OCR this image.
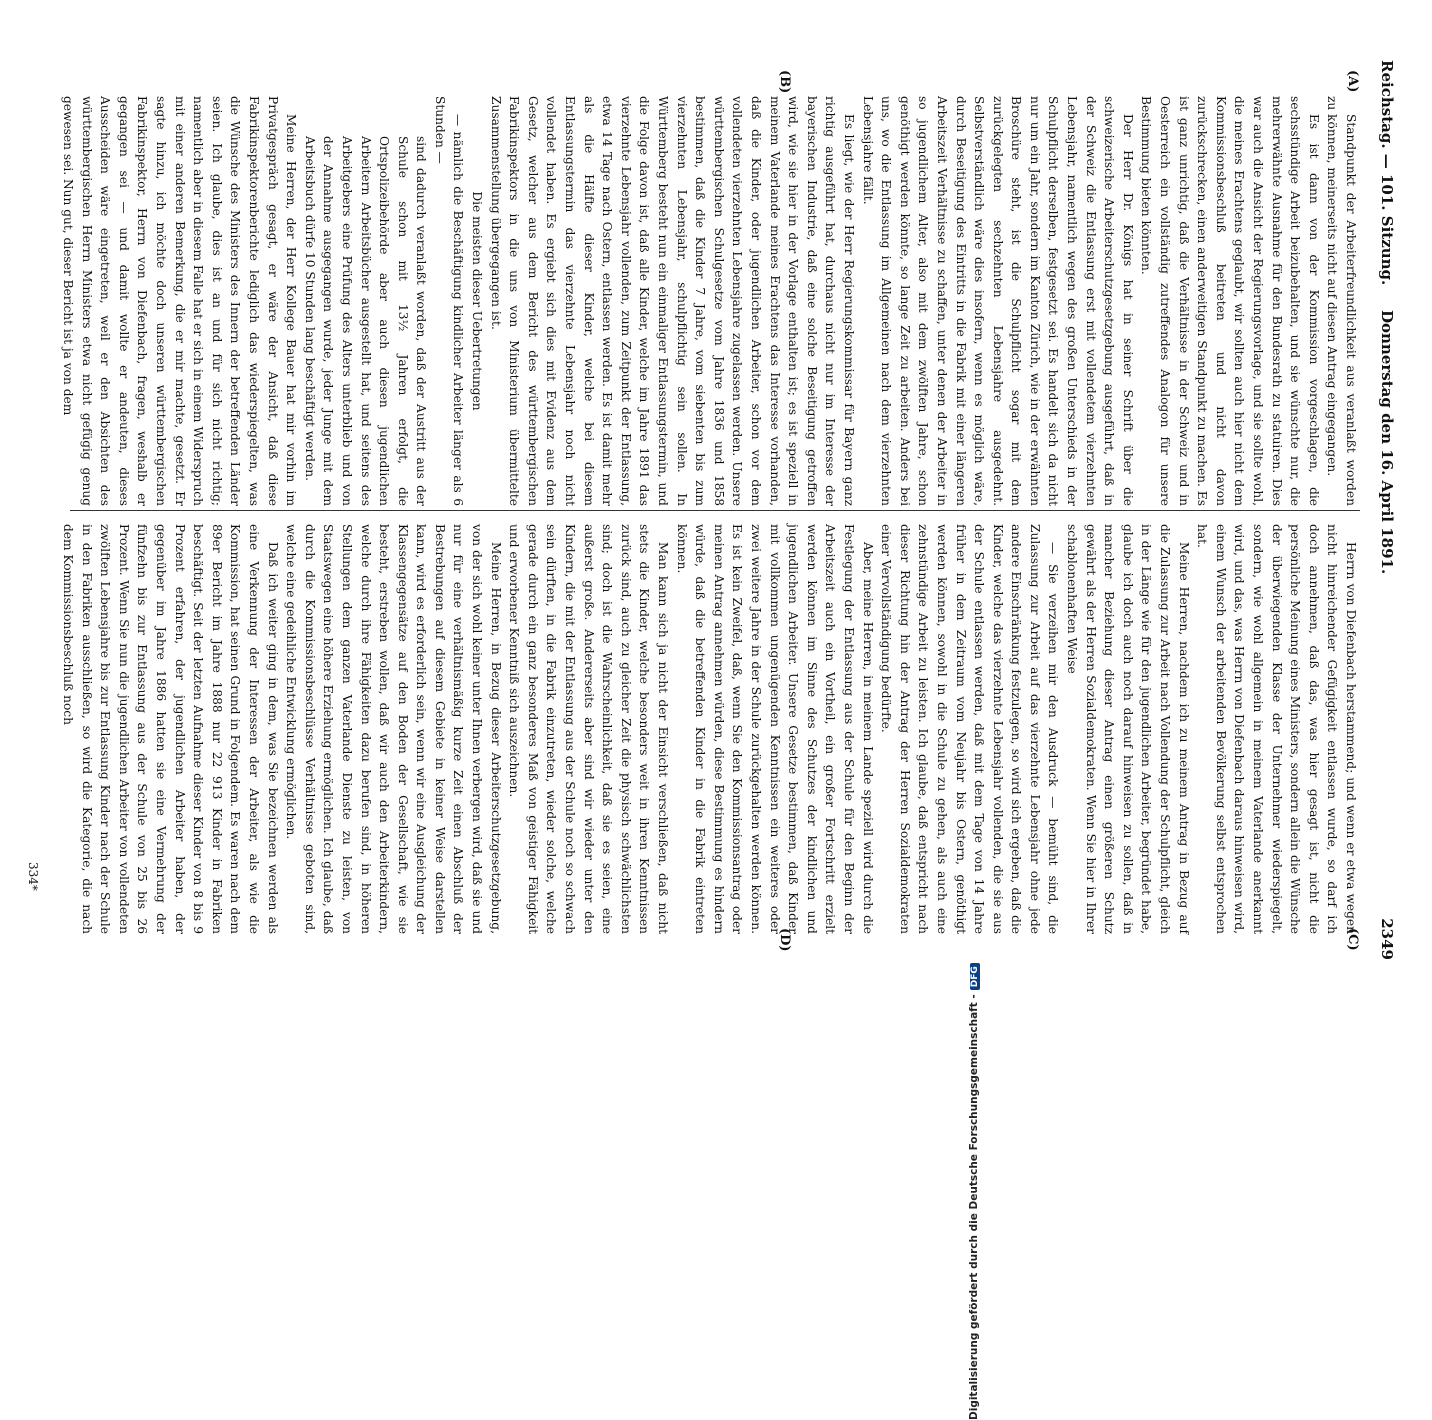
Reichstag. — 101. Sitzung.
Donnerstag den 16. April 1891.
2349
(A)
(B)
(C)
(D)

Standpunkt der Arbeiterfreundlichkeit aus veranlaßt worden zu können, meinerseits nicht auf diesen Antrag eingegangen.

Es ist dann von der Kommission vorgeschlagen, die sechsstündige Arbeit beizubehalten, und sie wünschte nur, die mehrerwähnte Ausnahme für den Bundesrath zu statuiren. Dies war auch die Ansicht der Regierungsvorlage, und sie sollte wohl, die meines Erachtens geglaubt, wir sollten auch hier nicht dem Kommissionsbeschluß beitreten und nicht davon zurückschrecken, einen anderweitigen Standpunkt zu machen. Es ist ganz unrichtig, daß die Verhältnisse in der Schweiz und in Oesterreich ein vollständig zutreffendes Analogon für unsere Bestimmung bieten könnten.

Der Herr Dr. Königs hat in seiner Schrift über die schweizerische Arbeiterschutzgesetzgebung ausgeführt, daß in der Schweiz die Entlassung erst mit vollendetem vierzehnten Lebensjahr, namentlich wegen des großen Unterschieds in der Schulpflicht derselben, festgesetzt sei. Es handelt sich da nicht nur um ein Jahr, sondern im Kanton Zürich, wie in der erwähnten Broschüre steht, ist die Schulpflicht sogar mit dem zurückgelegten sechzehnten Lebensjahre ausgedehnt. Selbstverständlich wäre dies insofern, wenn es möglich wäre, durch Beseitigung des Eintritts in die Fabrik mit einer längeren Arbeitszeit Verhältnisse zu schaffen, unter denen der Arbeiter in so jugendlichem Alter, also mit dem zwölften Jahre, schon genöthigt werden könnte, so lange Zeit zu arbeiten. Anders bei uns, wo die Entlassung im Allgemeinen nach dem vierzehnten Lebensjahre fällt.

Es liegt, wie der Herr Regierungskommissar für Bayern ganz richtig ausgeführt hat, durchaus nicht nur im Interesse der bayerischen Industrie, daß eine solche Beseitigung getroffen wird, wie sie hier in der Vorlage enthalten ist; es ist speziell in meinem Vaterlande meines Erachtens das Interesse vorhanden, daß die Kinder, oder jugendlichen Arbeiter, schon vor dem vollendeten vierzehnten Lebensjahre zugelassen werden. Unsere württembergischen Schulgesetze vom Jahre 1836 und 1858 bestimmen, daß die Kinder 7 Jahre, vom siebenten bis zum vierzehnten Lebensjahr, schulpflichtig sein sollen. In Württemberg besteht nun ein einmaliger Entlassungstermin, und die Folge davon ist, daß alle Kinder, welche im Jahre 1891 das vierzehnte Lebensjahr vollenden, zum Zeitpunkt der Entlassung, etwa 14 Tage nach Ostern, entlassen werden. Es ist damit mehr als die Hälfte dieser Kinder, welche bei diesem Entlassungstermin das vierzehnte Lebensjahr noch nicht vollendet haben. Es ergiebt sich dies mit Evidenz aus dem Gesetz, welcher aus dem Bericht des württembergischen Fabrikinspektors in die uns von Ministerium übermittelte Zusammenstellung übergegangen ist.

Die meisten dieser Uebertretungen

— nämlich die Beschäftigung kindlicher Arbeiter länger als 6 Stunden —

sind dadurch veranlaßt worden, daß der Austritt aus der Schule schon mit 13½ Jahren erfolgt, die Ortspolizeibehörde aber auch diesen jugendlichen Arbeitern Arbeitsbücher ausgestellt hat, und seitens des Arbeitgebers eine Prüfung des Alters unterblieb und von der Annahme ausgegangen wurde, jeder Junge mit dem Arbeitsbuch dürfe 10 Stunden lang beschäftigt werden.

Meine Herren, der Herr Kollege Bauer hat mir vorhin im Privatgespräch gesagt, er wäre der Ansicht, daß diese Fabrikinspektorenberichte lediglich das wiederspiegelten, was die Wünsche des Ministers des Innern der betreffenden Länder seien. Ich glaube, dies ist an und für sich nicht richtig; namentlich aber in diesem Falle hat er sich in einem Widerspruch mit einer anderen Bemerkung, die er mir machte, gesetzt. Er sagte hinzu, ich möchte doch unseren württembergischen Fabrikinspektor, Herrn von Diefenbach, fragen, weshalb er gegangen sei — und damit wollte er andeuten, dieses Ausscheiden wäre eingetreten, weil er den Absichten des württembergischen Herrn Ministers etwa nicht gefügig genug gewesen sei. Nun gut, dieser Bericht ist ja von dem

Herrn von Diefenbach herstammend; und wenn er etwa wegen nicht hinreichender Gefügigkeit entlassen wurde, so darf ich doch annehmen, daß das, was hier gesagt ist, nicht die persönliche Meinung eines Ministers, sondern allein die Wünsche der überwiegenden Klasse der Unternehmer wiederspiegelt, sondern, wie wohl allgemein in meinem Vaterlande anerkannt wird, und das, was Herrn von Diefenbach daraus hinweisen wird, einem Wunsch der arbeitenden Bevölkerung selbst entsprochen hat.

Meine Herren, nachdem ich zu meinem Antrag in Bezug auf die Zulassung zur Arbeit nach Vollendung der Schulpflicht, gleich in der Länge wie für den jugendlichen Arbeiter, begründet habe, glaube ich doch auch noch darauf hinweisen zu sollen, daß in mancher Beziehung dieser Antrag einen größeren Schutz gewährt als der Herren Sozialdemokraten. Wenn Sie hier in Ihrer schablonenhaften Weise

— Sie verzeihen mir den Ausdruck — bemüht sind, die Zulassung zur Arbeit auf das vierzehnte Lebensjahr ohne jede andere Einschränkung festzulegen, so wird sich ergeben, daß die Kinder, welche das vierzehnte Lebensjahr vollenden, die sie aus der Schule entlassen werden, daß mit dem Tage von 14 Jahre früher in dem Zeitraum vom Neujahr bis Ostern, genöthigt werden können, sowohl in die Schule zu gehen, als auch eine zehnstündige Arbeit zu leisten. Ich glaube, daß entspricht nach dieser Richtung hin der Antrag der Herren Sozialdemokraten einer Vervollständigung bedürfte.

Aber, meine Herren, in meinem Lande speziell wird durch die Festlegung der Entlassung aus der Schule für den Beginn der Arbeitszeit auch ein Vortheil, ein großer Fortschritt erzielt werden können im Sinne des Schutzes der kindlichen und jugendlichen Arbeiter. Unsere Gesetze bestimmen, daß Kinder mit vollkommen ungenügenden Kenntnissen ein weiteres oder zwei weitere Jahre in der Schule zurückgehalten werden können. Es ist kein Zweifel, daß, wenn Sie den Kommissionsantrag oder meinen Antrag annehmen würden, diese Bestimmung es hindern würde, daß die betreffenden Kinder in die Fabrik eintreten können.

Man kann sich ja nicht der Einsicht verschließen, daß nicht stets die Kinder, welche besonders weit in ihren Kenntnissen zurück sind, auch zu gleicher Zeit die physisch schwächlichsten sind; doch ist die Wahrscheinlichkeit, daß sie es seien, eine außerst große. Andererseits aber sind wir wieder unter den Kindern, die mit der Entlassung aus der Schule noch so schwach sein dürften, in die Fabrik einzutreten, wieder solche, welche gerade durch ein ganz besonderes Maß von geistiger Fähigkeit und erworbener Kenntniß sich auszeichnen.

Meine Herren, in Bezug dieser Arbeiterschutzgesetzgebung, von der sich wohl keiner unter Ihnen verbergen wird, daß sie und nur für eine verhältnismäßig kurze Zeit einen Abschluß der Bestrebungen auf diesem Gebiete in keiner Weise darstellen kann, wird es erforderlich sein, wenn wir eine Ausgleichung der Klassengegensätze auf den Boden der Gesellschaft, wie sie besteht, erstreben wollen, daß wir auch den Arbeiterkindern, welche durch ihre Fähigkeiten dazu berufen sind, in höheren Stellungen dem ganzen Vaterlande Dienste zu leisten, von Staatswegen eine höhere Erziehung ermöglichen. Ich glaube, daß durch die Kommissionsbeschlüsse Verhältnisse geboten sind, welche eine gedeihliche Entwicklung ermöglichen.

Daß ich weiter ging in dem, was Sie bezeichnen werden als eine Verkennung der Interessen der Arbeiter, als wie die Kommission, hat seinen Grund in Folgendem. Es waren nach dem 89er Bericht im Jahre 1888 nur 22 913 Kinder in Fabriken beschäftigt. Seit der letzten Aufnahme dieser Kinder von 8 bis 9 Prozent erfahren, der jugendlichen Arbeiter haben, der gegenüber im Jahre 1886 hatten sie eine Vermehrung der fünfzehn bis zur Entlassung aus der Schule von 25 bis 26 Prozent. Wenn Sie nun die jugendlichen Arbeiter von vollendeten zwölften Lebensjahre bis zur Entlassung Kinder nach der Schule in den Fabriken ausschließen, so wird die Kategorie, die nach dem Kommissionsbeschluß noch

334*
Digitalisierung gefördert durch die Deutsche Forschungsgemeinschaft -DFG
